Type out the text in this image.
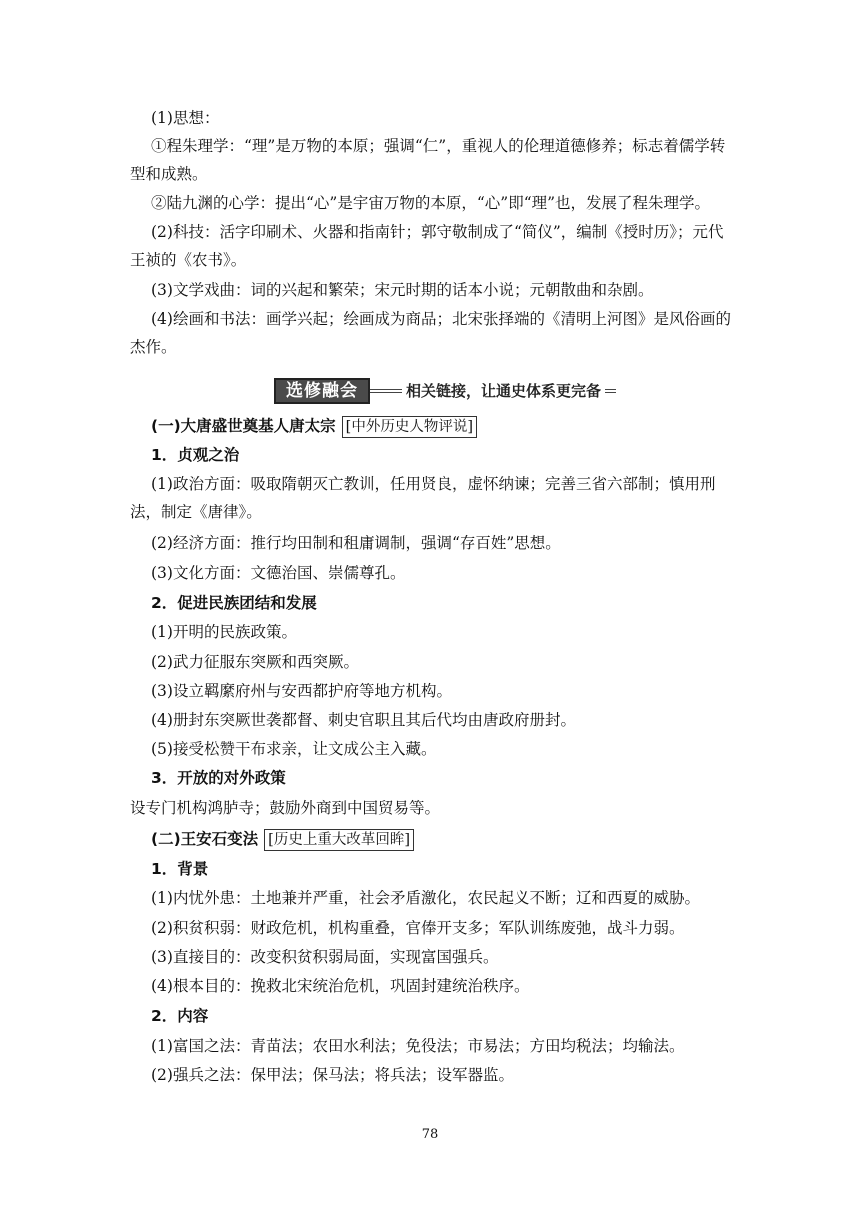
(1)思想：

①程朱理学：“理”是万物的本原；强调“仁”，重视人的伦理道德修养；标志着儒学转型和成熟。

②陆九渊的心学：提出“心”是宇宙万物的本原，“心”即“理”也，发展了程朱理学。

(2)科技：活字印刷术、火器和指南针；郭守敬制成了“简仪”，编制《授时历》；元代王祯的《农书》。

(3)文学戏曲：词的兴起和繁荣；宋元时期的话本小说；元朝散曲和杂剧。

(4)绘画和书法：画学兴起；绘画成为商品；北宋张择端的《清明上河图》是风俗画的杰作。

选修融会	相关链接，让通史体系更完备

(一)大唐盛世奠基人唐太宗 [中外历史人物评说]

1．贞观之治

(1)政治方面：吸取隋朝灭亡教训，任用贤良，虚怀纳谏；完善三省六部制；慎用刑法，制定《唐律》。

(2)经济方面：推行均田制和租庸调制，强调“存百姓”思想。

(3)文化方面：文德治国、崇儒尊孔。

2．促进民族团结和发展

(1)开明的民族政策。

(2)武力征服东突厥和西突厥。

(3)设立羁縻府州与安西都护府等地方机构。

(4)册封东突厥世袭都督、刺史官职且其后代均由唐政府册封。

(5)接受松赞干布求亲，让文成公主入藏。

3．开放的对外政策

设专门机构鸿胪寺；鼓励外商到中国贸易等。

(二)王安石变法 [历史上重大改革回眸]

1．背景

(1)内忧外患：土地兼并严重，社会矛盾激化，农民起义不断；辽和西夏的威胁。

(2)积贫积弱：财政危机，机构重叠，官俸开支多；军队训练废弛，战斗力弱。

(3)直接目的：改变积贫积弱局面，实现富国强兵。

(4)根本目的：挽救北宋统治危机，巩固封建统治秩序。

2．内容

(1)富国之法：青苗法；农田水利法；免役法；市易法；方田均税法；均输法。

(2)强兵之法：保甲法；保马法；将兵法；设军器监。

78
